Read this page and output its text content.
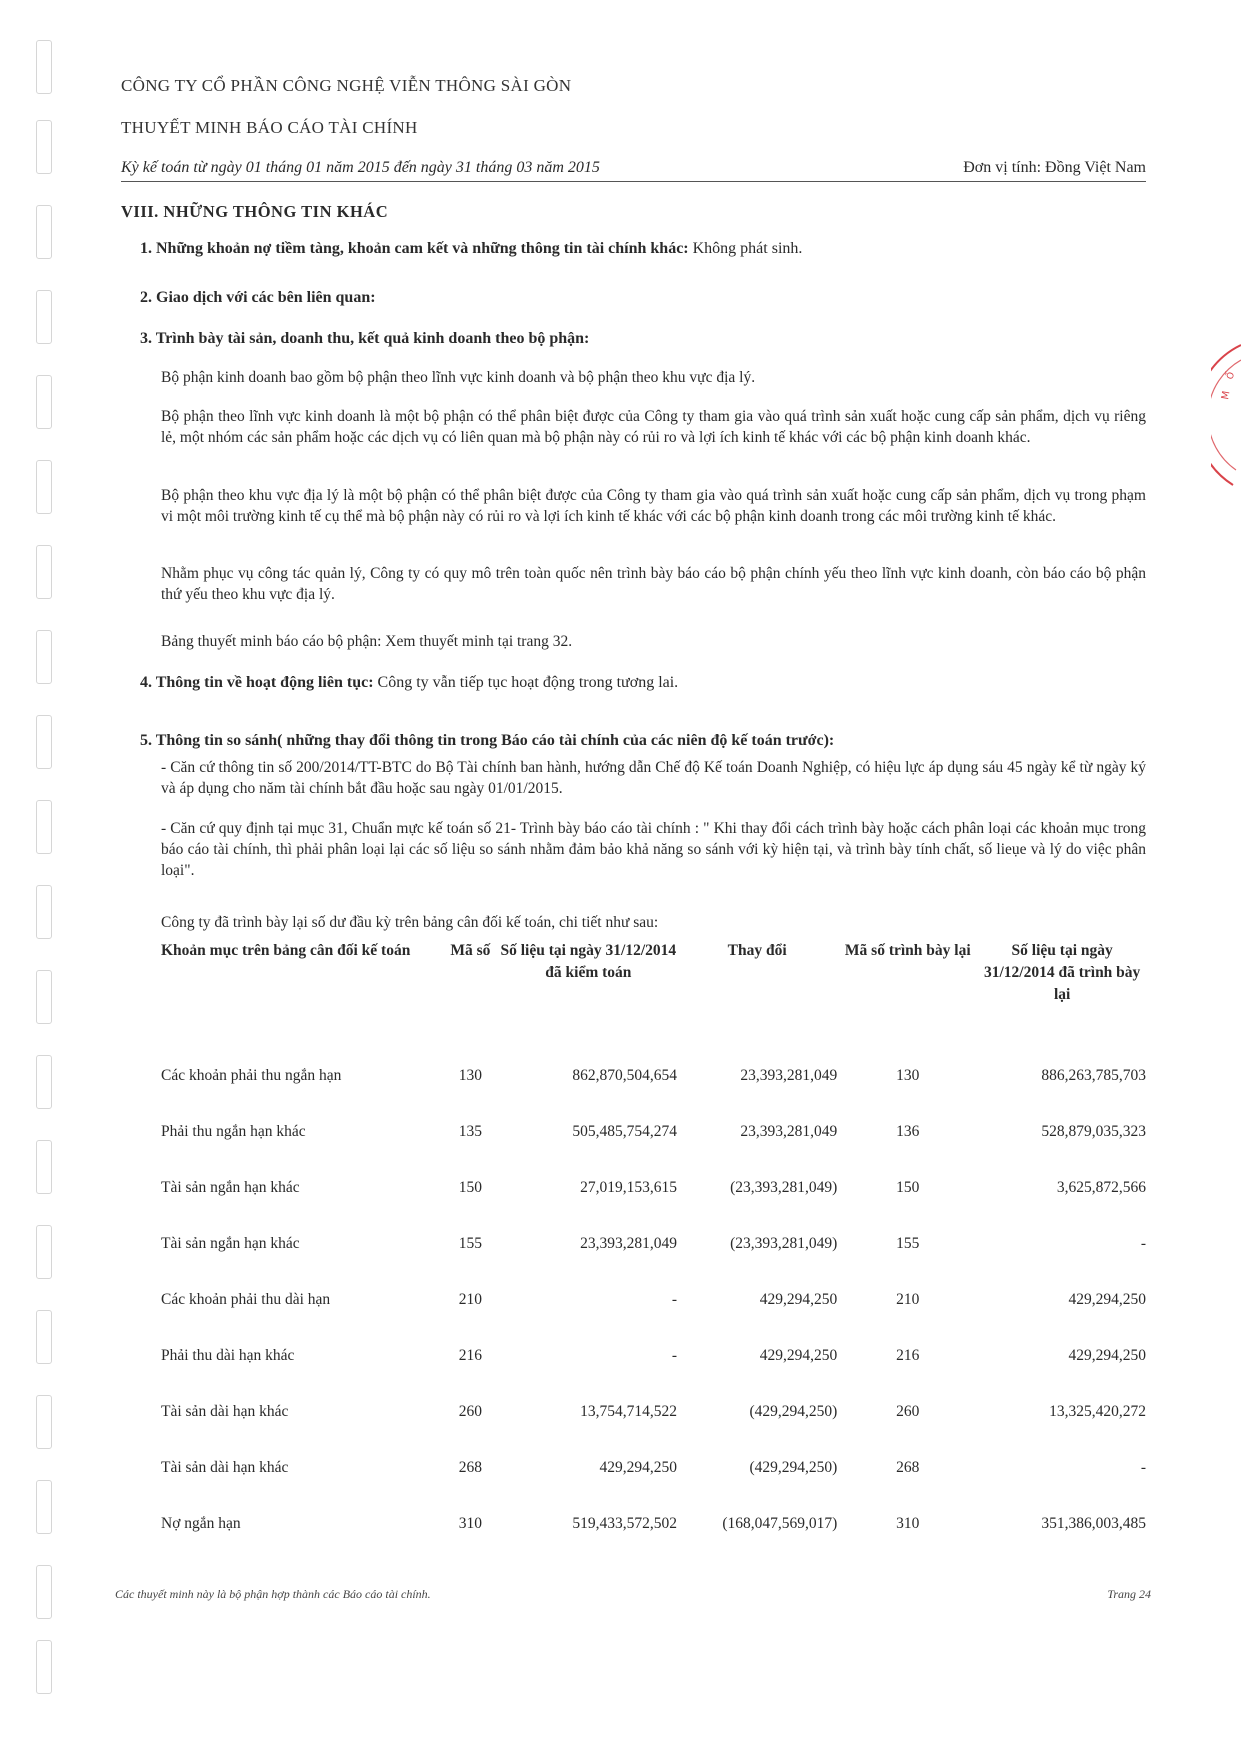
M
Ố
CÔNG TY CỔ PHẦN CÔNG NGHỆ VIỄN THÔNG SÀI GÒN
THUYẾT MINH BÁO CÁO TÀI CHÍNH
Kỳ kế toán từ ngày 01 tháng 01 năm 2015 đến ngày 31 tháng 03 năm 2015	Đơn vị tính: Đồng Việt Nam
VIII. NHỮNG THÔNG TIN KHÁC
1. Những khoản nợ tiềm tàng, khoản cam kết và những thông tin tài chính khác: Không phát sinh.
2. Giao dịch với các bên liên quan:
3. Trình bày tài sản, doanh thu, kết quả kinh doanh theo bộ phận:
Bộ phận kinh doanh bao gồm bộ phận theo lĩnh vực kinh doanh và bộ phận theo khu vực địa lý.
Bộ phận theo lĩnh vực kinh doanh là một bộ phận có thể phân biệt được của Công ty tham gia vào quá trình sản xuất hoặc cung cấp sản phẩm, dịch vụ riêng lẻ, một nhóm các sản phẩm hoặc các dịch vụ có liên quan mà bộ phận này có rủi ro và lợi ích kinh tế khác với các bộ phận kinh doanh khác.
Bộ phận theo khu vực địa lý là một bộ phận có thể phân biệt được của Công ty tham gia vào quá trình sản xuất hoặc cung cấp sản phẩm, dịch vụ trong phạm vi một môi trường kinh tế cụ thể mà bộ phận này có rủi ro và lợi ích kinh tế khác với các bộ phận kinh doanh trong các môi trường kinh tế khác.
Nhằm phục vụ công tác quản lý, Công ty có quy mô trên toàn quốc nên trình bày báo cáo bộ phận chính yếu theo lĩnh vực kinh doanh, còn báo cáo bộ phận thứ yếu theo khu vực địa lý.
Bảng thuyết minh báo cáo bộ phận: Xem thuyết minh tại trang 32.
4. Thông tin về hoạt động liên tục: Công ty vẫn tiếp tục hoạt động trong tương lai.
5. Thông tin so sánh( những thay đổi thông tin trong Báo cáo tài chính của các niên độ kế toán trước):
- Căn cứ thông tin số 200/2014/TT-BTC do Bộ Tài chính ban hành, hướng dẫn Chế độ Kế toán Doanh Nghiệp, có hiệu lực áp dụng sáu 45 ngày kể từ ngày ký và áp dụng cho năm tài chính bắt đầu hoặc sau ngày 01/01/2015.
- Căn cứ quy định tại mục 31, Chuẩn mực kế toán số 21- Trình bày báo cáo tài chính : " Khi thay đổi cách trình bày hoặc cách phân loại các khoản mục trong báo cáo tài chính, thì phải phân loại lại các số liệu so sánh nhằm đảm bảo khả năng so sánh với kỳ hiện tại, và trình bày tính chất, số lieụe và lý do việc phân loại".
Công ty đã trình bày lại số dư đầu kỳ trên bảng cân đối kế toán, chi tiết như sau:
Khoản mục trên bảng cân đối kế toán	Mã số	Số liệu tại ngày 31/12/2014 đã kiểm toán	Thay đổi	Mã số trình bày lại	Số liệu tại ngày 31/12/2014 đã trình bày lại
Các khoản phải thu ngắn hạn	130	862,870,504,654	23,393,281,049	130	886,263,785,703
Phải thu ngắn hạn khác	135	505,485,754,274	23,393,281,049	136	528,879,035,323
Tài sản ngắn hạn khác	150	27,019,153,615	(23,393,281,049)	150	3,625,872,566
Tài sản ngắn hạn khác	155	23,393,281,049	(23,393,281,049)	155	-
Các khoản phải thu dài hạn	210	-	429,294,250	210	429,294,250
Phải thu dài hạn khác	216	-	429,294,250	216	429,294,250
Tài sản dài hạn khác	260	13,754,714,522	(429,294,250)	260	13,325,420,272
Tài sản dài hạn khác	268	429,294,250	(429,294,250)	268	-
Nợ ngắn hạn	310	519,433,572,502	(168,047,569,017)	310	351,386,003,485
Các thuyết minh này là bộ phận hợp thành các Báo cáo tài chính.	Trang 24
